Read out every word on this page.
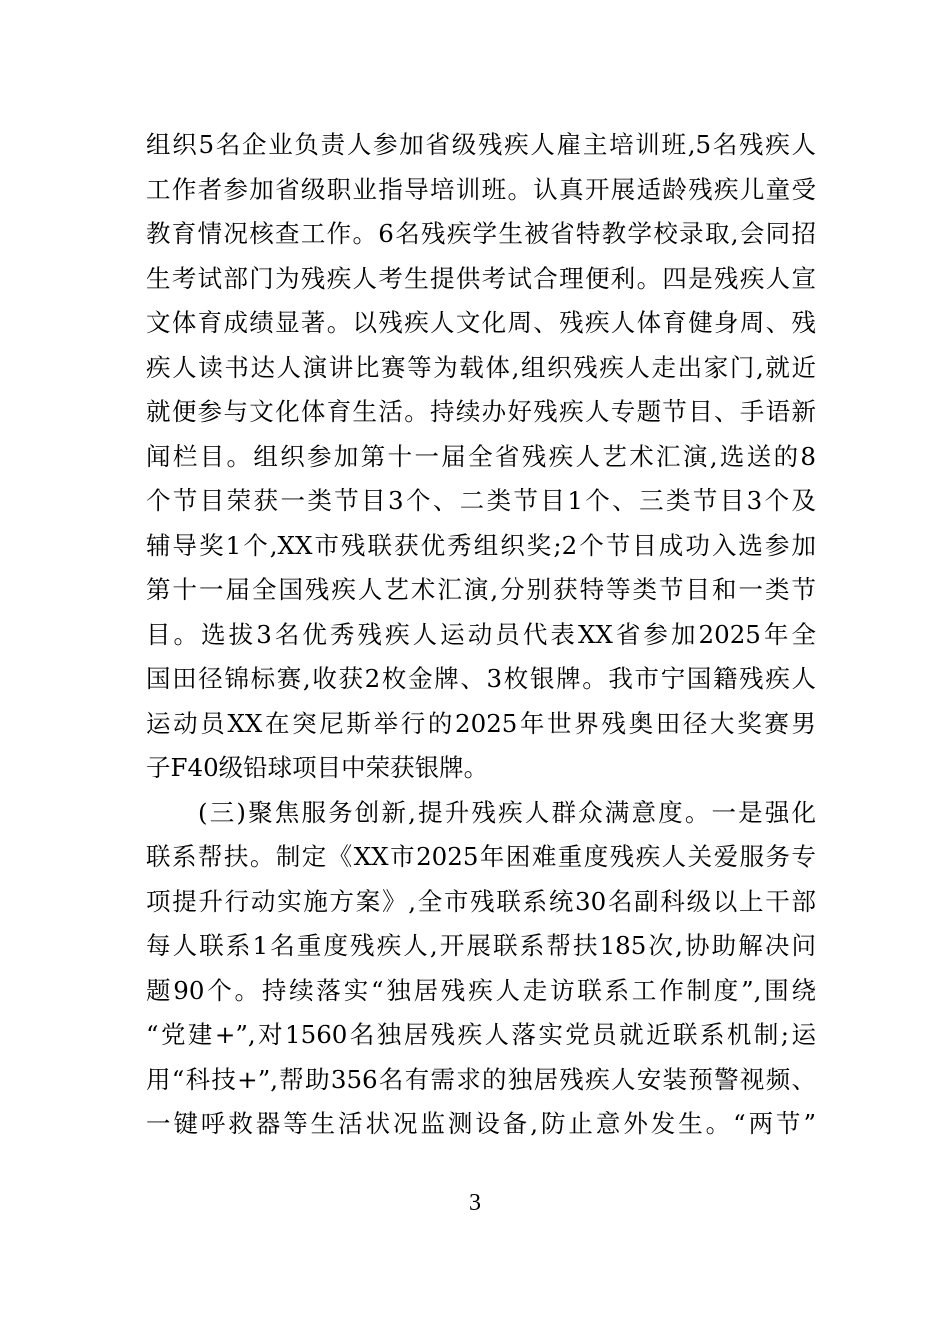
组织5名企业负责人参加省级残疾人雇主培训班,5名残疾人
工作者参加省级职业指导培训班。认真开展适龄残疾儿童受
教育情况核查工作。6名残疾学生被省特教学校录取,会同招
生考试部门为残疾人考生提供考试合理便利。四是残疾人宣
文体育成绩显著。以残疾人文化周、残疾人体育健身周、残
疾人读书达人演讲比赛等为载体,组织残疾人走出家门,就近
就便参与文化体育生活。持续办好残疾人专题节目、手语新
闻栏目。组织参加第十一届全省残疾人艺术汇演,选送的8
个节目荣获一类节目3个、二类节目1个、三类节目3个及
辅导奖1个,XX市残联获优秀组织奖;2个节目成功入选参加
第十一届全国残疾人艺术汇演,分别获特等类节目和一类节
目。选拔3名优秀残疾人运动员代表XX省参加2025年全
国田径锦标赛,收获2枚金牌、3枚银牌。我市宁国籍残疾人
运动员XX在突尼斯举行的2025年世界残奥田径大奖赛男
子F40级铅球项目中荣获银牌。
(三)聚焦服务创新,提升残疾人群众满意度。一是强化
联系帮扶。制定《XX市2025年困难重度残疾人关爱服务专
项提升行动实施方案》,全市残联系统30名副科级以上干部
每人联系1名重度残疾人,开展联系帮扶185次,协助解决问
题90个。持续落实“独居残疾人走访联系工作制度”,围绕
“党建+”,对1560名独居残疾人落实党员就近联系机制;运
用“科技+”,帮助356名有需求的独居残疾人安装预警视频、
一键呼救器等生活状况监测设备,防止意外发生。“两节”
3
